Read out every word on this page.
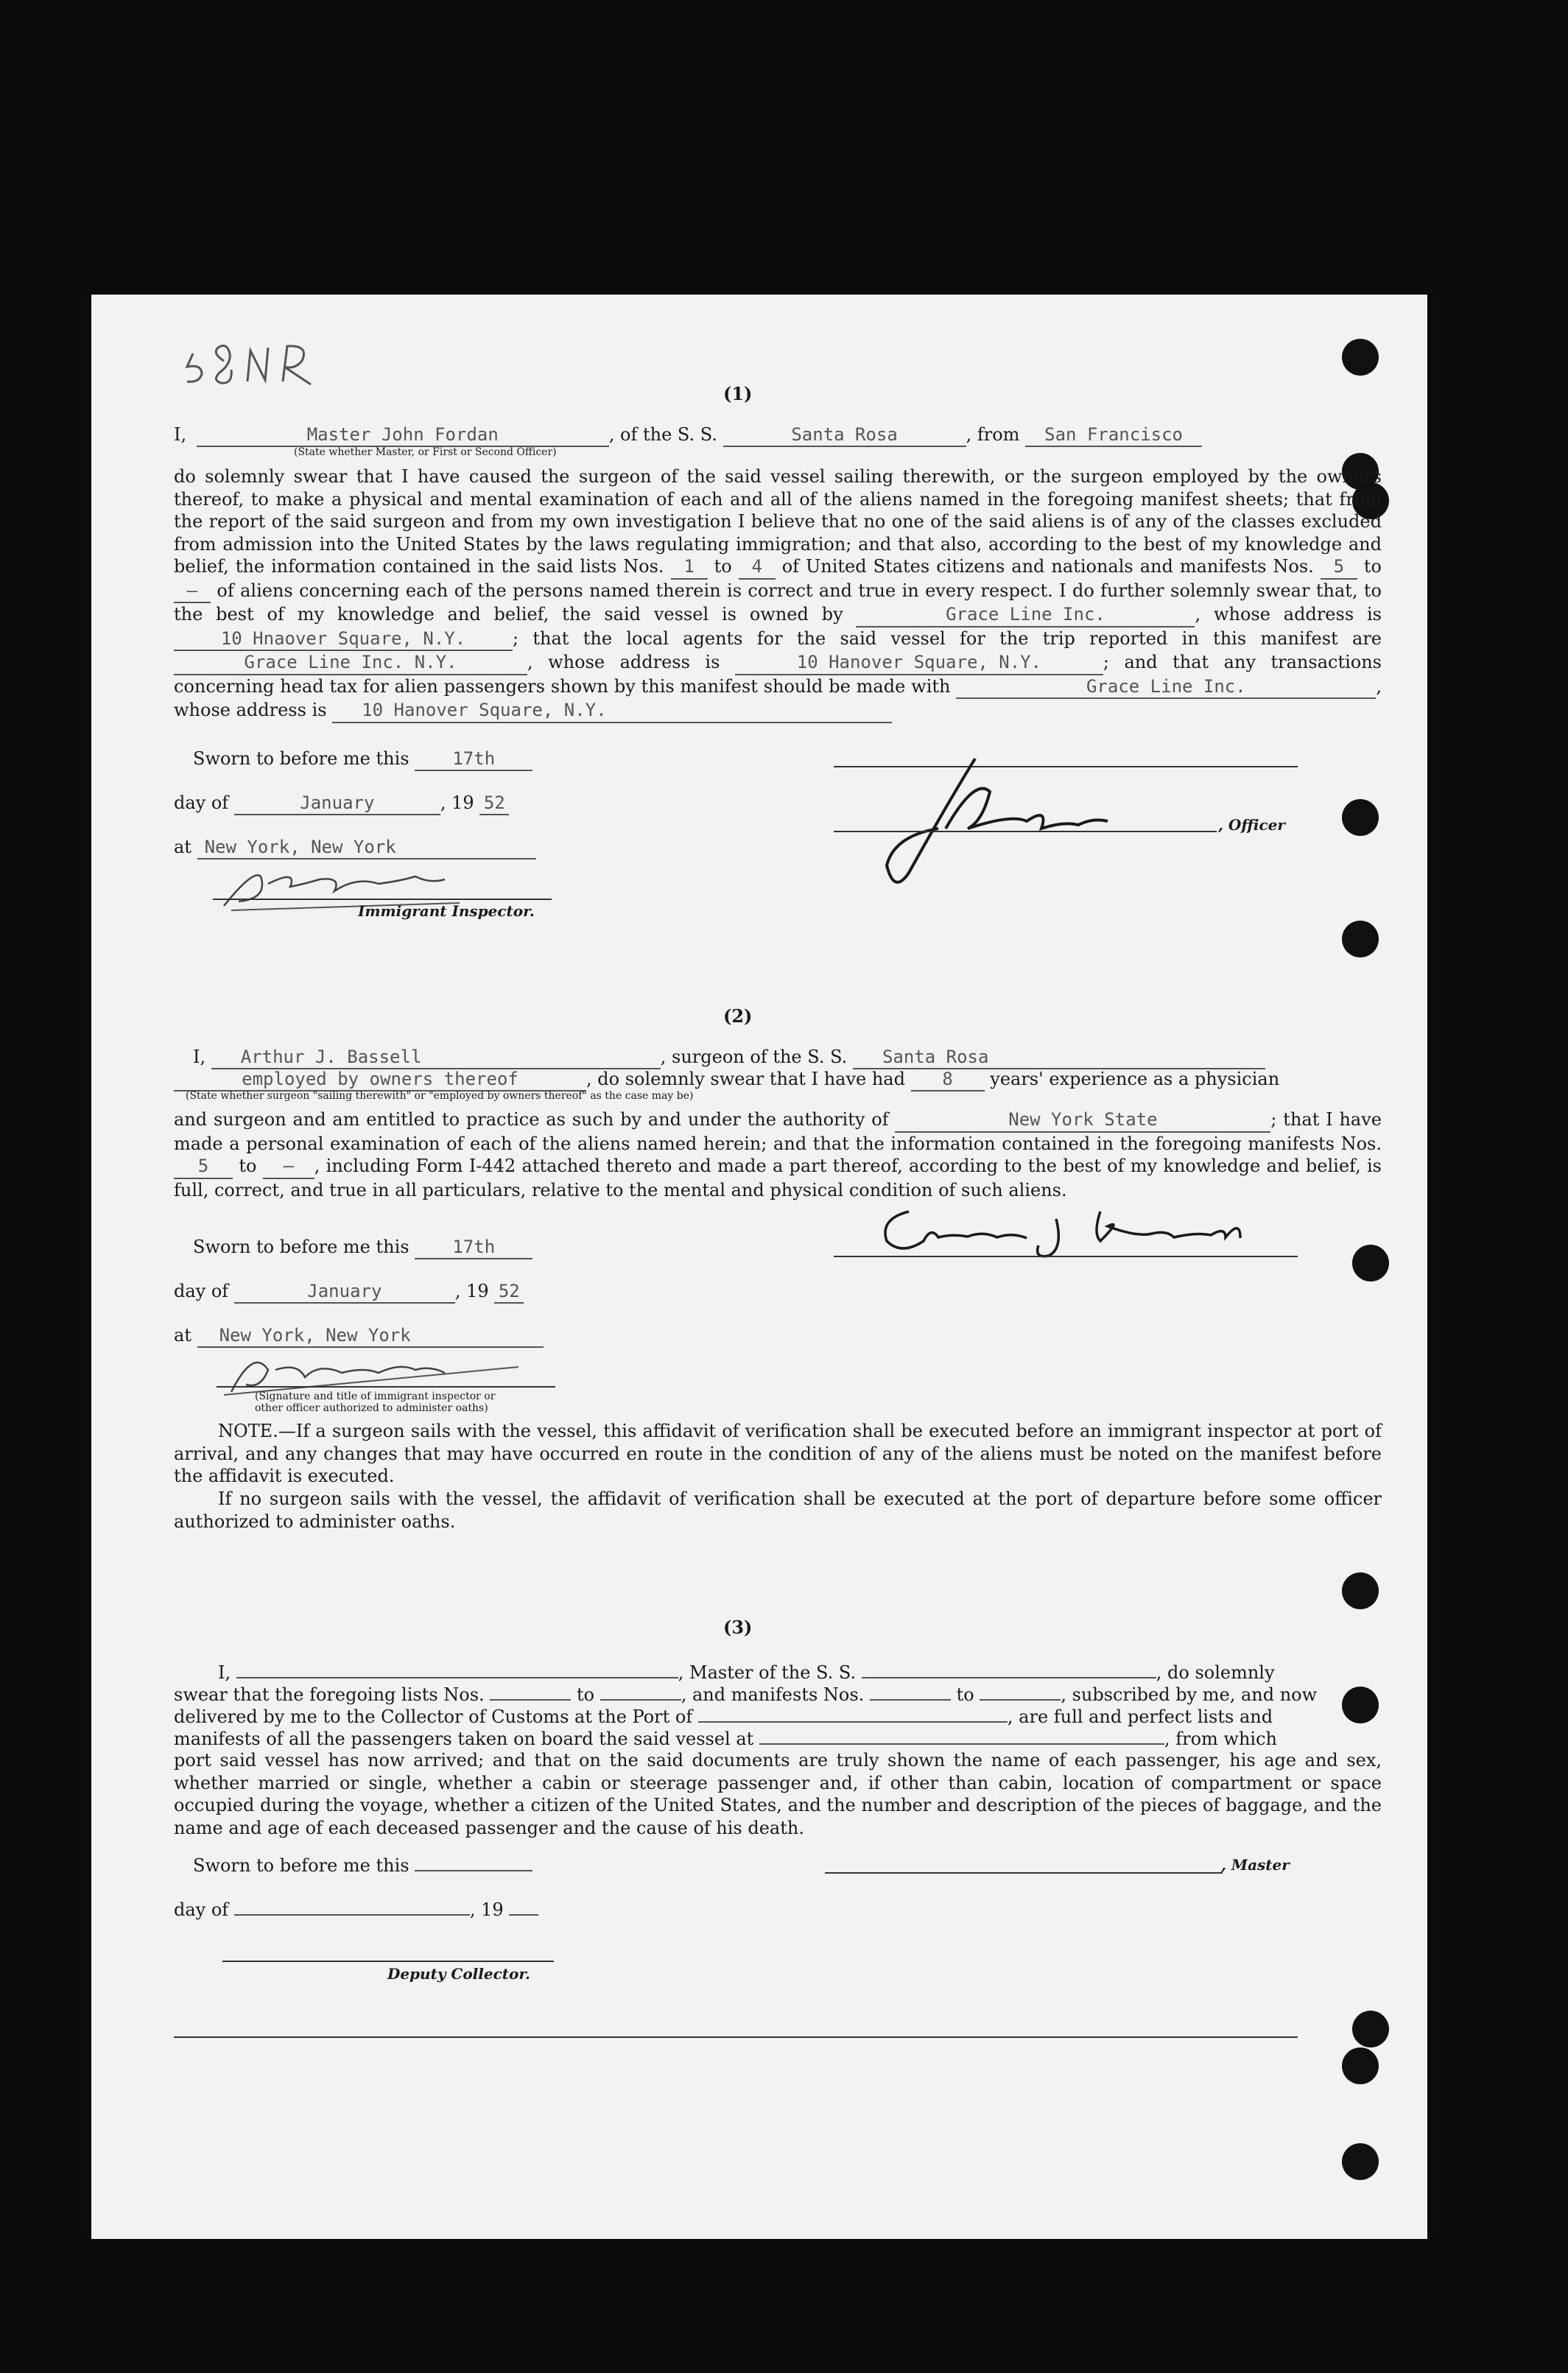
(1)
I,	Master John Fordan	, of the S. S.	Santa Rosa	, from San Francisco
(State whether Master, or First or Second Officer)
do solemnly swear that I have caused the surgeon of the said vessel sailing therewith, or the surgeon employed by the owners thereof, to make a physical and mental examination of each and all of the aliens named in the foregoing manifest sheets; that from the report of the said surgeon and from my own investigation I believe that no one of the said aliens is of any of the classes excluded from admission into the United States by the laws regulating immigration; and that also, according to the best of my knowledge and belief, the information contained in the said lists Nos. 1 to 4 of United States citizens and nationals and manifests Nos. 5 to – of aliens concerning each of the persons named therein is correct and true in every respect. I do further solemnly swear that, to the best of my knowledge and belief, the said vessel is owned by	Grace Line Inc.	, whose address is 10 Hnaover Square, N.Y.	; that the local agents for the said vessel for the trip reported in this manifest are Grace Line Inc. N.Y.	, whose address is	10 Hanover Square, N.Y.	; and that any transactions concerning head tax for alien passengers shown by this manifest should be made with	Grace Line Inc.	, whose address is 10 Hanover Square, N.Y.
Sworn to before me this 17th
day of	January	, 19 52
at New York, New York
Immigrant Inspector.
, Officer
(2)
I, Arthur J. Bassell	, surgeon of the S. S. Santa Rosa
employed by owners thereof	, do solemnly swear that I have had 8 years' experience as a physician
(State whether surgeon "sailing therewith" or "employed by owners thereof" as the case may be)
and surgeon and am entitled to practice as such by and under the authority of	New York State	; that I have made a personal examination of each of the aliens named herein; and that the information contained in the foregoing manifests Nos. 5 to – , including Form I-442 attached thereto and made a part thereof, according to the best of my knowledge and belief, is full, correct, and true in all particulars, relative to the mental and physical condition of such aliens.
Sworn to before me this 17th
day of	January	, 19 52
at New York, New York
(Signature and title of immigrant inspector or
other officer authorized to administer oaths)
NOTE.—If a surgeon sails with the vessel, this affidavit of verification shall be executed before an immigrant inspector at port of arrival, and any changes that may have occurred en route in the condition of any of the aliens must be noted on the manifest before the affidavit is executed.
If no surgeon sails with the vessel, the affidavit of verification shall be executed at the port of departure before some officer authorized to administer oaths.
(3)
I,	, Master of the S. S.	, do solemnly
swear that the foregoing lists Nos.	to	, and manifests Nos.	to	, subscribed by me, and now
delivered by me to the Collector of Customs at the Port of	, are full and perfect lists and
manifests of all the passengers taken on board the said vessel at	, from which
port said vessel has now arrived; and that on the said documents are truly shown the name of each passenger, his age and sex, whether married or single, whether a cabin or steerage passenger and, if other than cabin, location of compartment or space occupied during the voyage, whether a citizen of the United States, and the number and description of the pieces of baggage, and the name and age of each deceased passenger and the cause of his death.
Sworn to before me this	, Master
day of	, 19
Deputy Collector.
